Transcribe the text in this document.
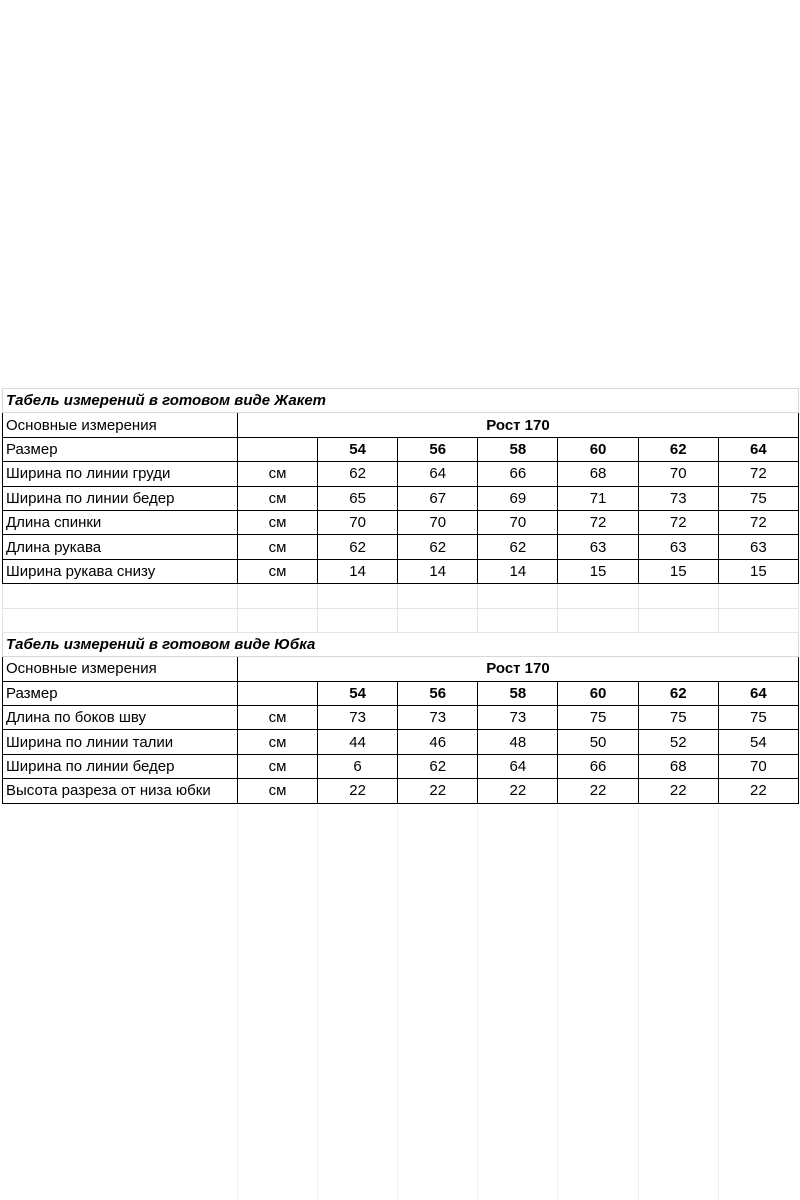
Табель измерений в готовом виде Жакет							
Основные измерения	Рост 170						
Размер		54	56	58	60	62	64
Ширина по линии груди	см	62	64	66	68	70	72
Ширина по линии бедер	см	65	67	69	71	73	75
Длина спинки	см	70	70	70	72	72	72
Длина рукава	см	62	62	62	63	63	63
Ширина рукава снизу	см	14	14	14	15	15	15

Табель измерений в готовом виде Юбка							
Основные измерения	Рост 170						
Размер		54	56	58	60	62	64
Длина по боков шву	см	73	73	73	75	75	75
Ширина по линии талии	см	44	46	48	50	52	54
Ширина по линии бедер	см	6	62	64	66	68	70
Высота разреза от низа юбки	см	22	22	22	22	22	22
